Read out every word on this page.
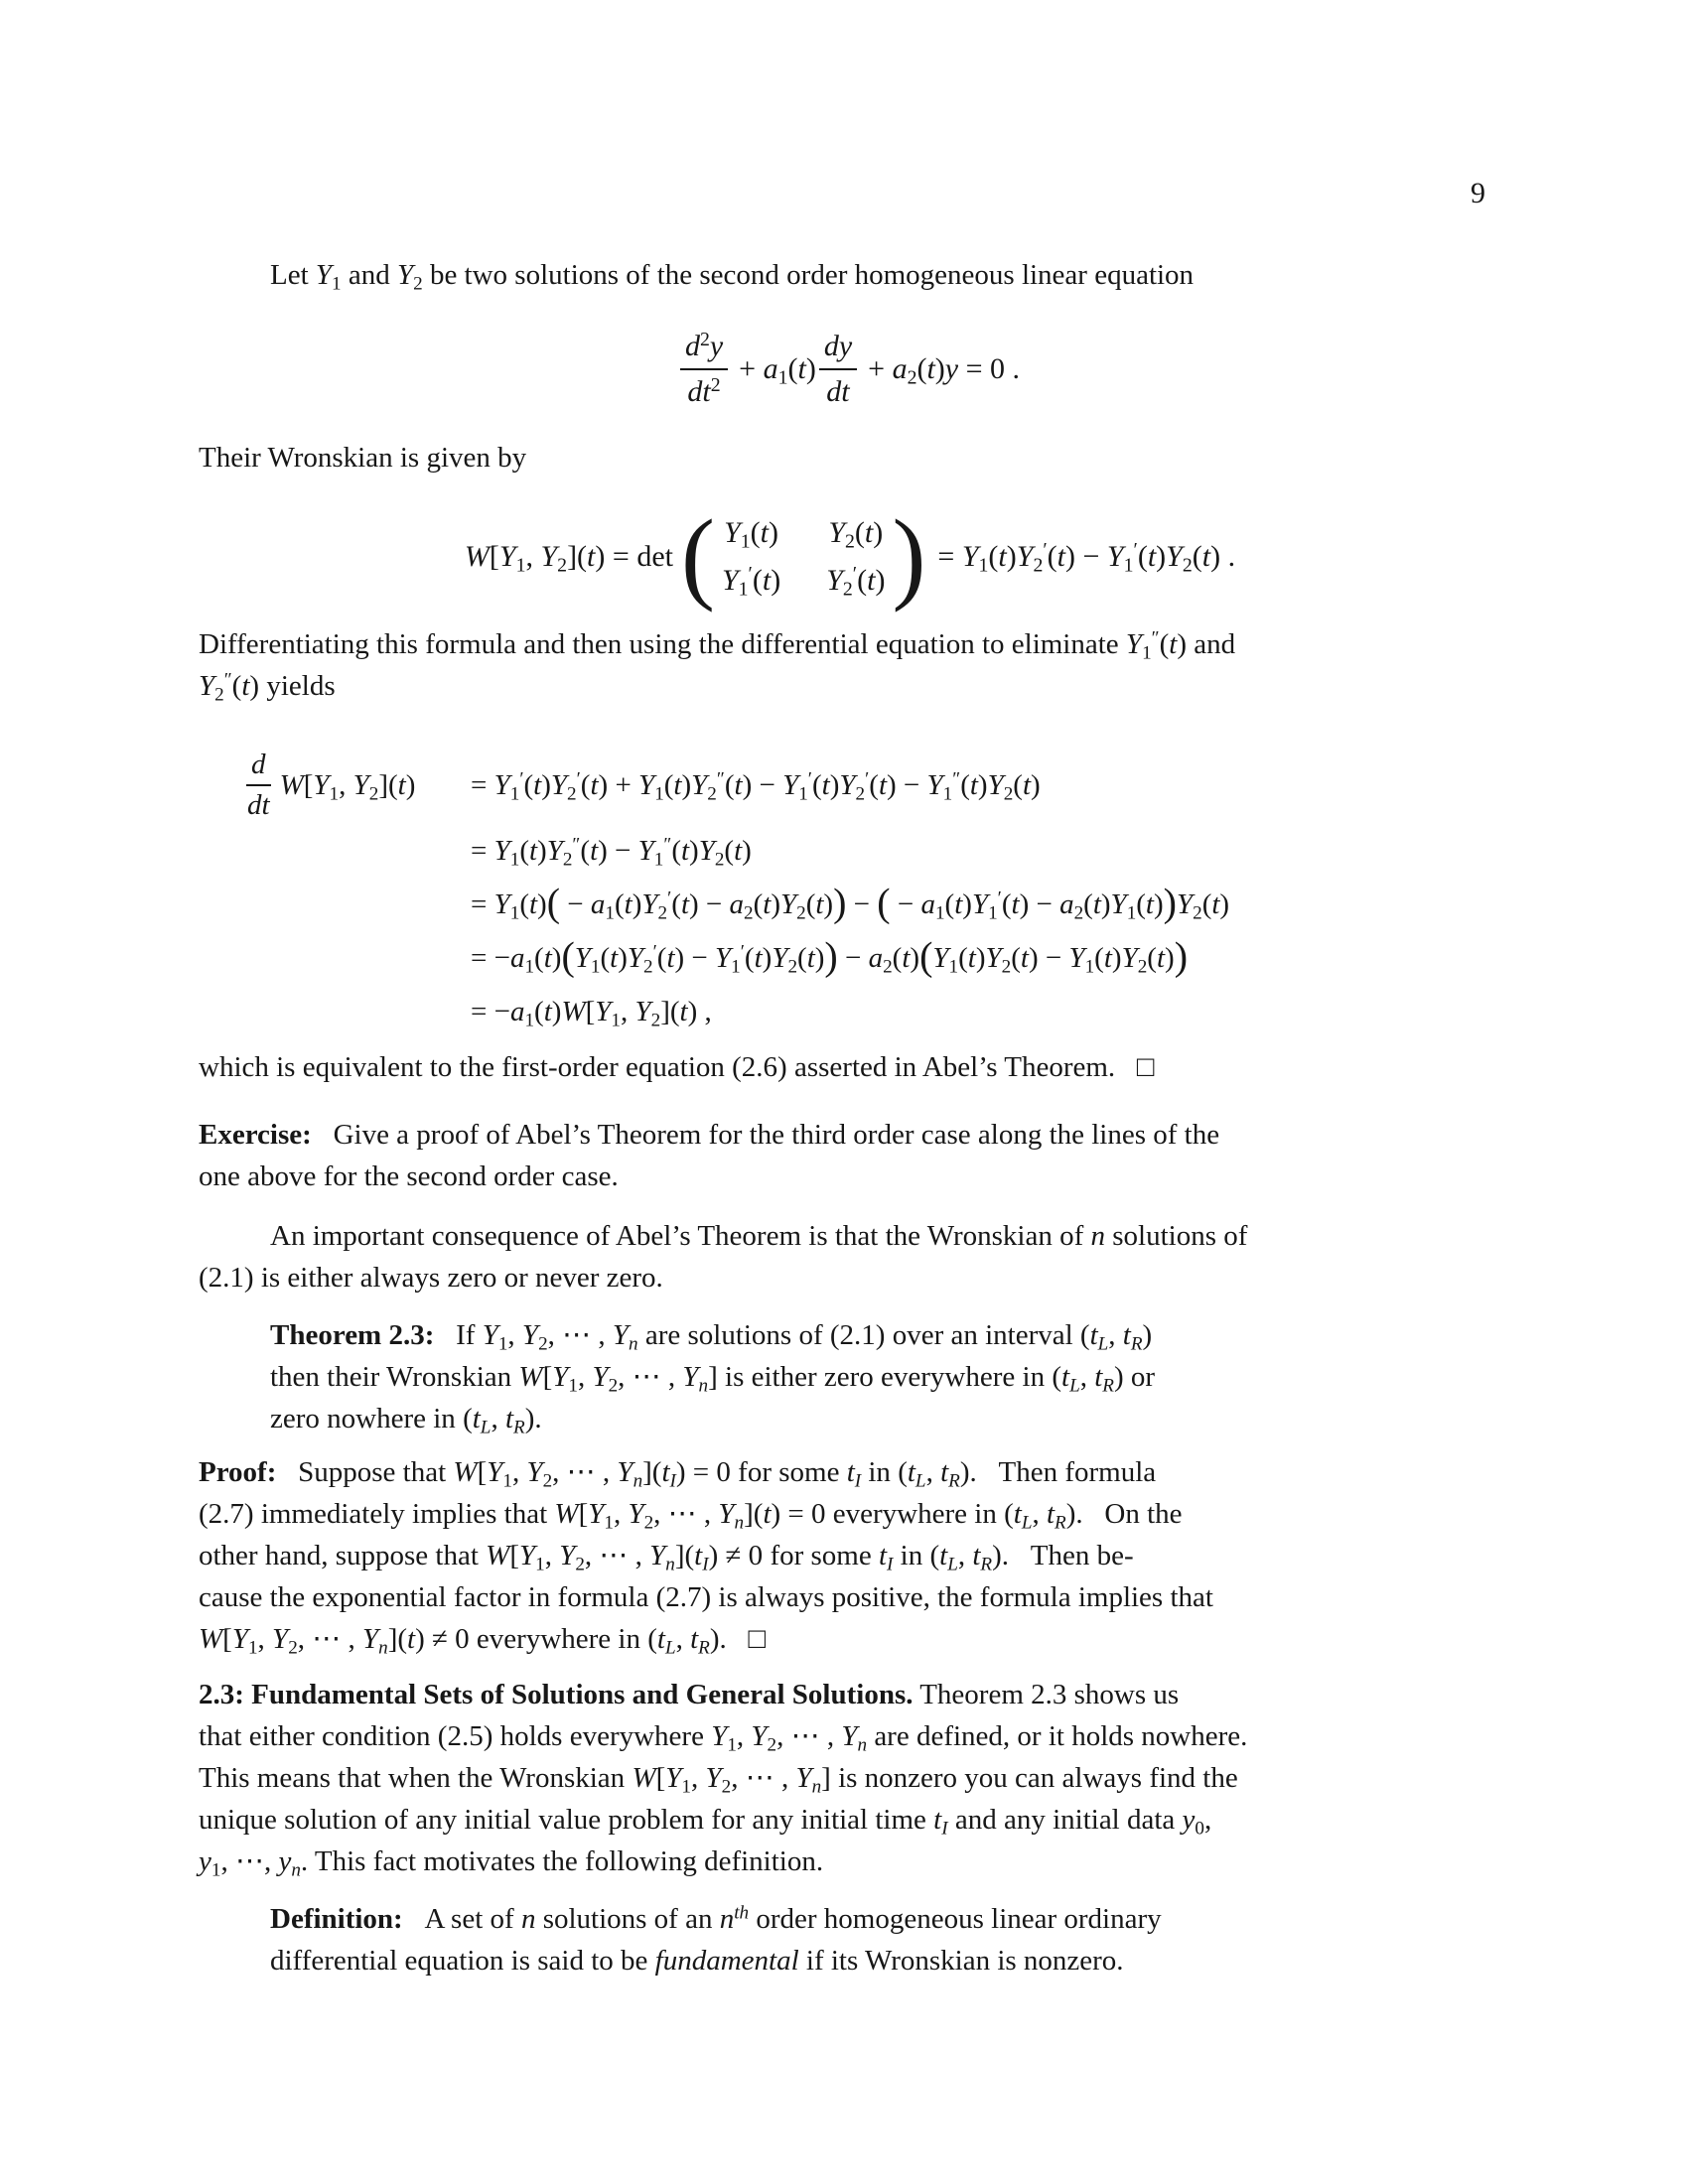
9
Let $Y_1$ and $Y_2$ be two solutions of the second order homogeneous linear equation
$\frac{d^2y}{dt^2} + a_1(t) \frac{dy}{dt} + a_2(t)y = 0$ .
Their Wronskian is given by
$W[Y_1$, $Y_2](t) = \det$ ( $Y_1(t)$ $Y_2(t)$
$Y_1'(t)$ $Y_2'(t)$ ) = $Y_1(t)Y_2'(t) - Y_1'(t)Y_2(t)$ .
Differentiating this formula and then using the differential equation to eliminate $Y_1''(t)$ and
$Y_2''(t)$ yields
$\frac{d}{dt} W[Y_1$, $Y_2](t) = Y_1'(t)Y_2'(t) + Y_1(t)Y_2''(t) - Y_1'(t)Y_2'(t) - Y_1''(t)Y_2(t)$
= $Y_1(t)Y_2''(t) - Y_1''(t)Y_2(t)$
= $Y_1(t)( - a_1(t)Y_2'(t) - a_2(t)Y_2(t))$ − ( − $a_1(t)Y_1'(t) - a_2(t)Y_1(t))Y_2(t)$
= $-a_1(t)(Y_1(t)Y_2'(t) - Y_1'(t)Y_2(t)) - a_2(t)(Y_1(t)Y_2(t) - Y_1(t)Y_2(t))$
= $-a_1(t)W[Y_1$, $Y_2](t)$ ,
which is equivalent to the first-order equation (2.6) asserted in Abel’s Theorem.   □
Exercise:   Give a proof of Abel’s Theorem for the third order case along the lines of the
one above for the second order case.
An important consequence of Abel’s Theorem is that the Wronskian of n solutions of
(2.1) is either always zero or never zero.
Theorem 2.3:   If $Y_1$, $Y_2$, ⋯ , $Y_n$ are solutions of (2.1) over an interval ($t_L$, $t_R$)
then their Wronskian $W[Y_1$, $Y_2$, ⋯ , $Y_n$] is either zero everywhere in ($t_L$, $t_R$) or
zero nowhere in ($t_L$, $t_R$).
Proof:   Suppose that $W[Y_1$, $Y_2$, ⋯ , $Y_n](t_I) = 0$ for some $t_I$ in ($t_L$, $t_R$).   Then formula
(2.7) immediately implies that $W[Y_1$, $Y_2$, ⋯ , $Y_n](t) = 0$ everywhere in ($t_L$, $t_R$).   On the
other hand, suppose that $W[Y_1$, $Y_2$, ⋯ , $Y_n](t_I) \ne 0$ for some $t_I$ in ($t_L$, $t_R$).   Then be-
cause the exponential factor in formula (2.7) is always positive, the formula implies that
$W[Y_1$, $Y_2$, ⋯ , $Y_n](t) \ne 0$ everywhere in ($t_L$, $t_R$).   □
2.3: Fundamental Sets of Solutions and General Solutions. Theorem 2.3 shows us
that either condition (2.5) holds everywhere $Y_1$, $Y_2$, ⋯ , $Y_n$ are defined, or it holds nowhere.
This means that when the Wronskian $W[Y_1$, $Y_2$, ⋯ , $Y_n$] is nonzero you can always find the
unique solution of any initial value problem for any initial time $t_I$ and any initial data $y_0$,
$y_1$, ⋯, $y_n$. This fact motivates the following definition.
Definition:   A set of n solutions of an $n^{th}$ order homogeneous linear ordinary
differential equation is said to be fundamental if its Wronskian is nonzero.
